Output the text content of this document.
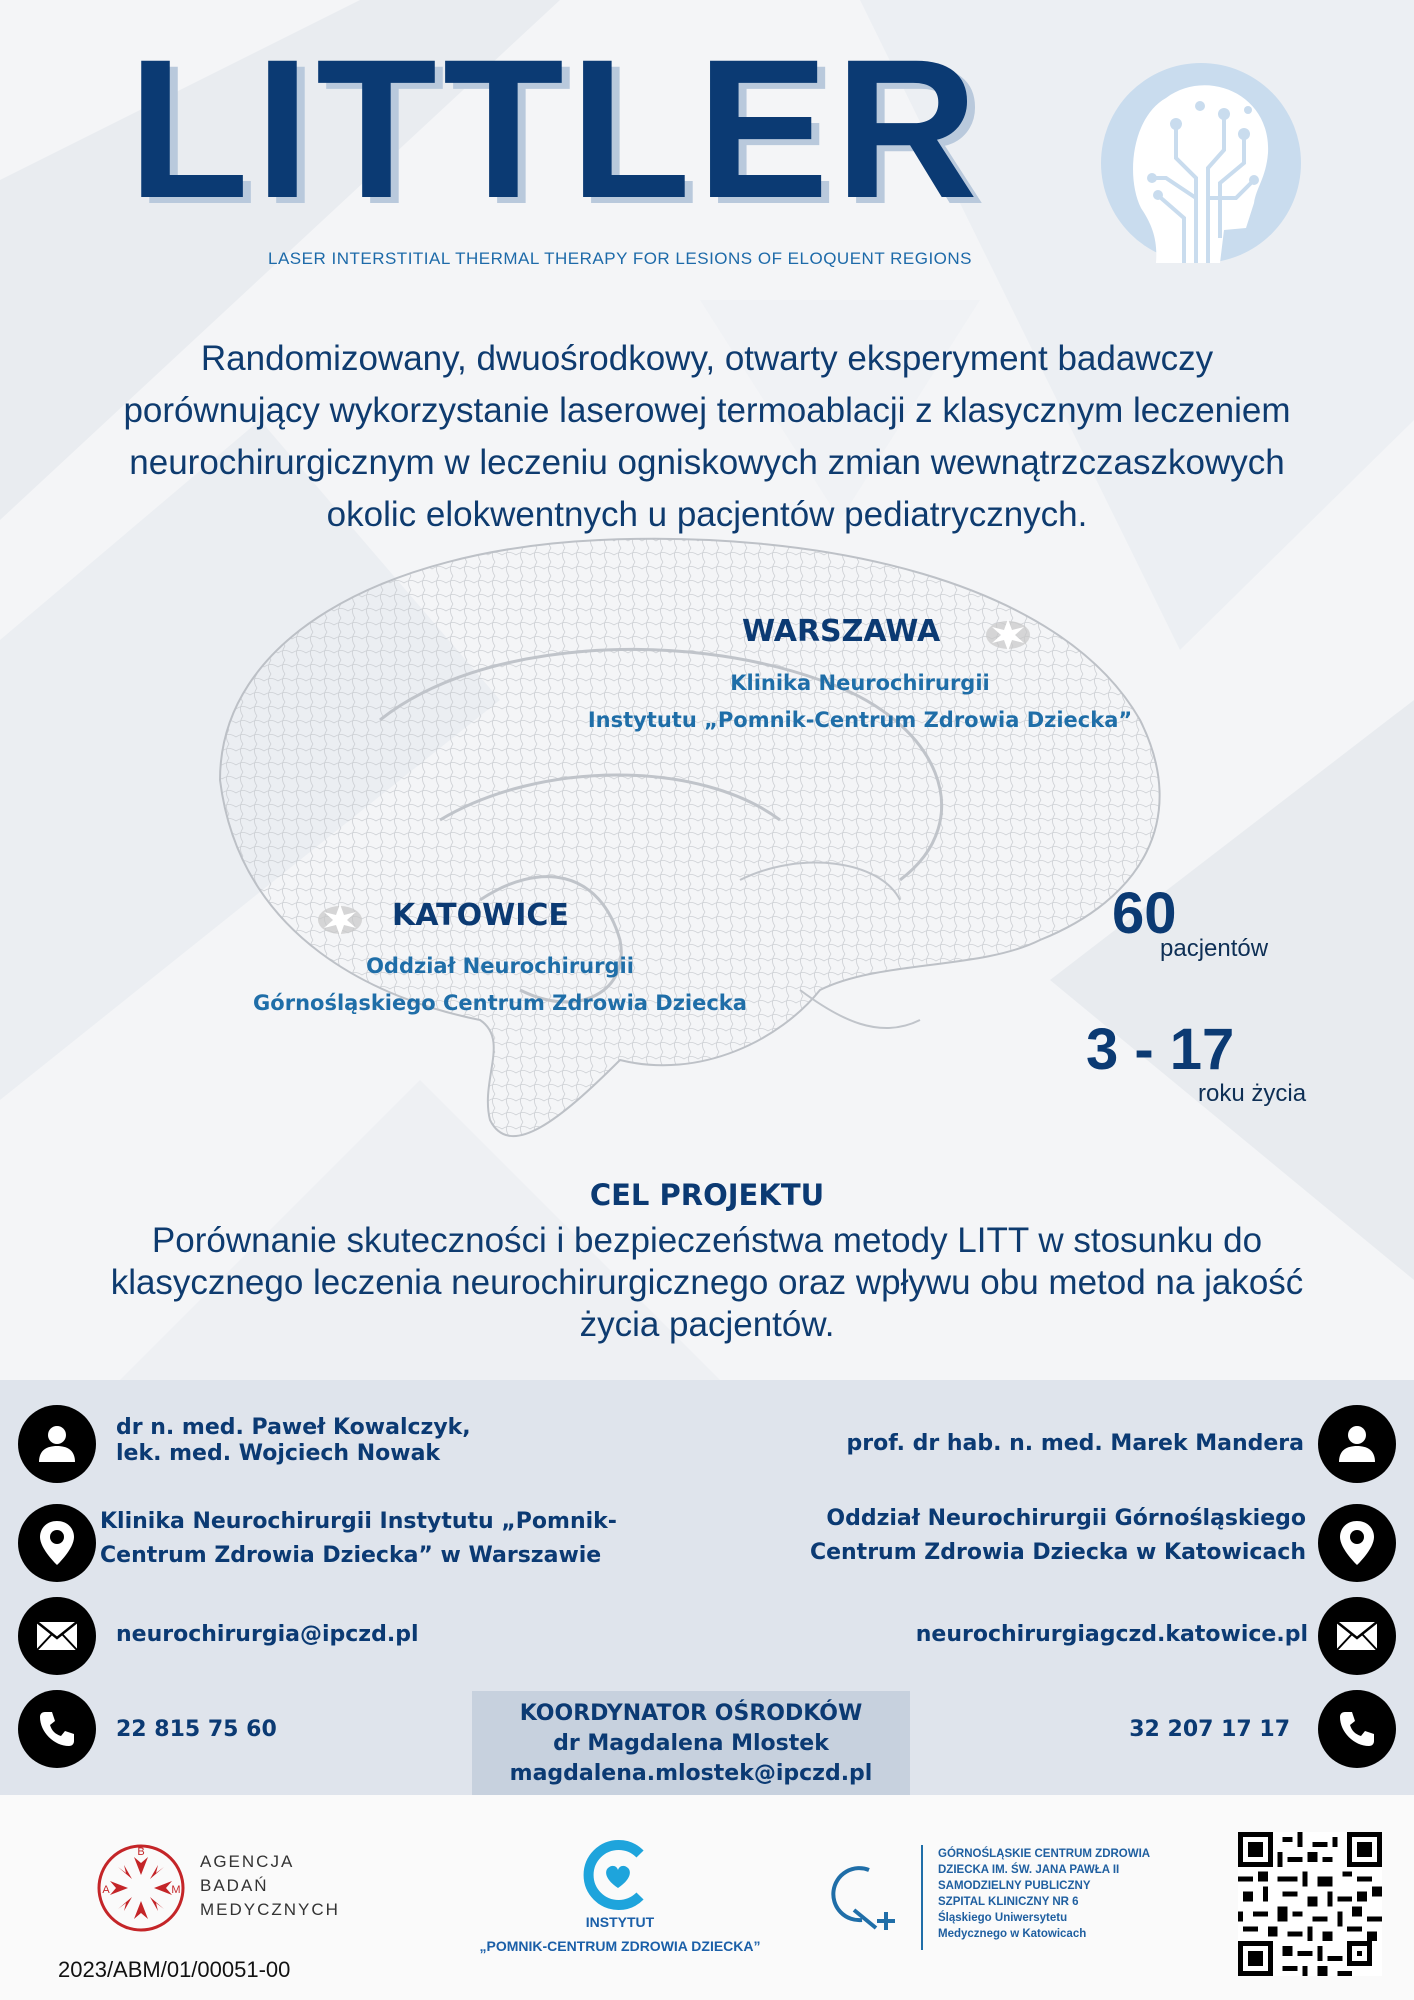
LITTLER
LASER INTERSTITIAL THERMAL THERAPY FOR LESIONS OF ELOQUENT REGIONS
Randomizowany, dwuośrodkowy, otwarty eksperyment badawczy
porównujący wykorzystanie laserowej termoablacji z klasycznym leczeniem
neurochirurgicznym w leczeniu ogniskowych zmian wewnątrzczaszkowych
okolic elokwentnych u pacjentów pediatrycznych.
WARSZAWA
Klinika Neurochirurgii
Instytutu „Pomnik-Centrum Zdrowia Dziecka”
KATOWICE
Oddział Neurochirurgii
Górnośląskiego Centrum Zdrowia Dziecka
60
pacjentów
3 - 17
roku życia
CEL PROJEKTU
Porównanie skuteczności i bezpieczeństwa metody LITT w stosunku do
klasycznego leczenia neurochirurgicznego oraz wpływu obu metod na jakość
życia pacjentów.
dr n. med. Paweł Kowalczyk,
lek. med. Wojciech Nowak
Klinika Neurochirurgii Instytutu „Pomnik-
Centrum Zdrowia Dziecka” w Warszawie
neurochirurgia@ipczd.pl
22 815 75 60
prof. dr hab. n. med. Marek Mandera
Oddział Neurochirurgii Górnośląskiego
Centrum Zdrowia Dziecka w Katowicach
neurochirurgiagczd.katowice.pl
32 207 17 17
KOORDYNATOR OŚRODKÓW
dr Magdalena Mlostek
magdalena.mlostek@ipczd.pl
B
A	M
AGENCJA
BADAŃ
MEDYCZNYCH
2023/ABM/01/00051-00
INSTYTUT
„POMNIK-CENTRUM ZDROWIA DZIECKA”
GÓRNOŚLĄSKIE CENTRUM ZDROWIA
DZIECKA IM. ŚW. JANA PAWŁA II
SAMODZIELNY PUBLICZNY
SZPITAL KLINICZNY NR 6
Śląskiego Uniwersytetu
Medycznego w Katowicach
